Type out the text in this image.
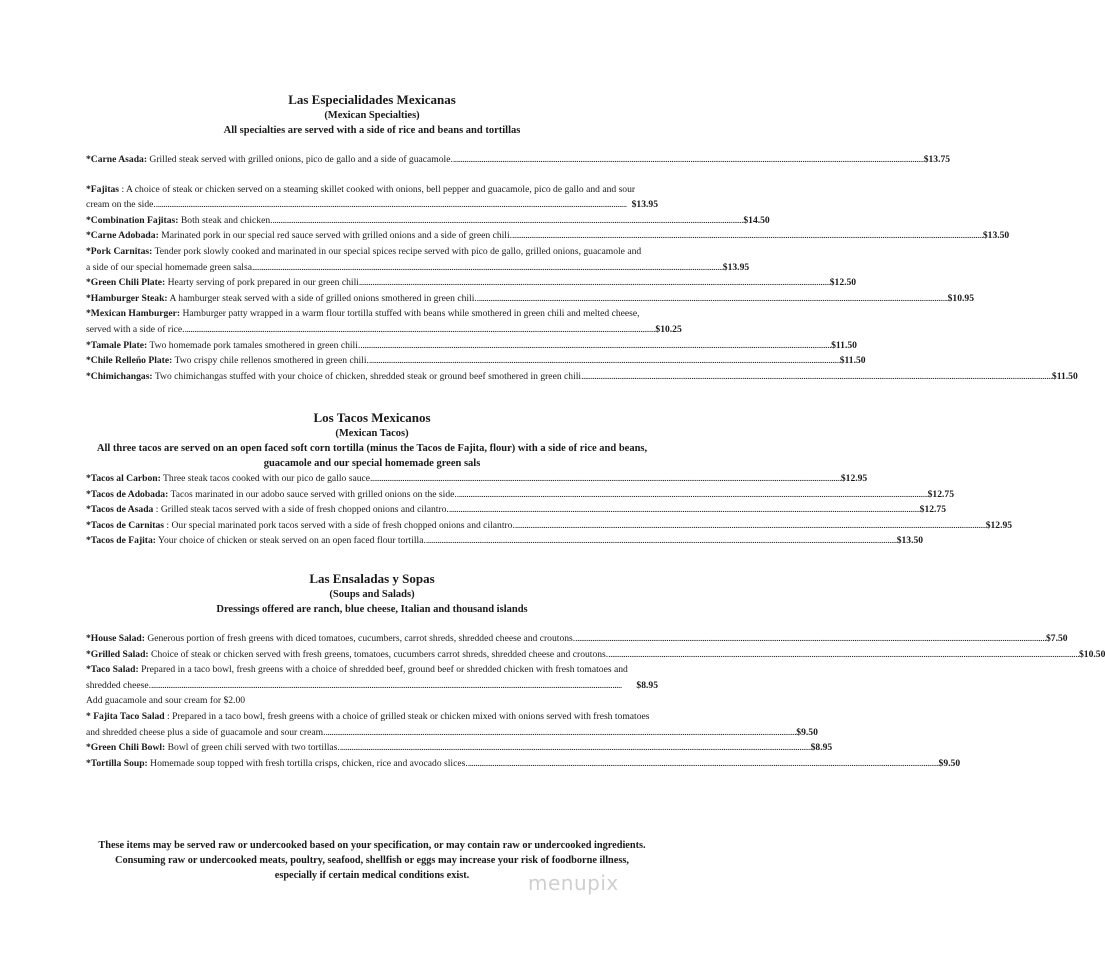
Las Especialidades Mexicanas
(Mexican Specialties)
All specialties are served with a side of rice and beans and tortillas
*Carne Asada: Grilled steak served with grilled onions, pico de gallo and a side of guacamole. .....	$13.75
*Fajitas : A choice of steak or chicken served on a steaming skillet cooked with onions, bell pepper and guacamole, pico de gallo and and sour
cream on the side. .....	$13.95
*Combination Fajitas: Both steak and chicken. .....	$14.50
*Carne Adobada: Marinated pork in our special red sauce served with grilled onions and a side of green chili. .....	$13.50
*Pork Carnitas: Tender pork slowly cooked and marinated in our special spices recipe served with pico de gallo, grilled onions, guacamole and
a side of our special homemade green salsa .....	$13.95
*Green Chili Plate: Hearty serving of pork prepared in our green chili .....	$12.50
*Hamburger Steak: A hamburger steak served with a side of grilled onions smothered in green chili. .....	$10.95
*Mexican Hamburger: Hamburger patty wrapped in a warm flour tortilla stuffed with beans while smothered in green chili and melted cheese,
served with a side of rice. .....	$10.25
*Tamale Plate: Two homemade pork tamales smothered in green chili. .....	$11.50
*Chile Relleño Plate: Two crispy chile rellenos smothered in green chili. .....	$11.50
*Chimichangas: Two chimichangas stuffed with your choice of chicken, shredded steak or ground beef smothered in green chili .....	$11.50
Los Tacos Mexicanos
(Mexican Tacos)
All three tacos are served on an open faced soft corn tortilla (minus the Tacos de Fajita, flour) with a side of rice and beans,
guacamole and our special homemade green sals
*Tacos al Carbon: Three steak tacos cooked with our pico de gallo sauce .....	$12.95
*Tacos de Adobada: Tacos marinated in our adobo sauce served with grilled onions on the side. .....	$12.75
*Tacos de Asada : Grilled steak tacos served with a side of fresh chopped onions and cilantro. .....	$12.75
*Tacos de Carnitas : Our special marinated pork tacos served with a side of fresh chopped onions and cilantro. .....	$12.95
*Tacos de Fajita: Your choice of chicken or steak served on an open faced flour tortilla. .....	$13.50
Las Ensaladas y Sopas
(Soups and Salads)
Dressings offered are ranch, blue cheese, Italian and thousand islands
*House Salad: Generous portion of fresh greens with diced tomatoes, cucumbers, carrot shreds, shredded cheese and croutons. .....	$7.50
*Grilled Salad: Choice of steak or chicken served with fresh greens, tomatoes, cucumbers carrot shreds, shredded cheese and croutons. .....	$10.50
*Taco Salad: Prepared in a taco bowl, fresh greens with a choice of shredded beef, ground beef or shredded chicken with fresh tomatoes and
shredded cheese. .....	$8.95
Add guacamole and sour cream for $2.00
* Fajita Taco Salad : Prepared in a taco bowl, fresh greens with a choice of grilled steak or chicken mixed with onions served with fresh tomatoes
and shredded cheese plus a side of guacamole and sour cream. .....	$9.50
*Green Chili Bowl: Bowl of green chili served with two tortillas. .....	$8.95
*Tortilla Soup: Homemade soup topped with fresh tortilla crisps, chicken, rice and avocado slices. .....	$9.50
These items may be served raw or undercooked based on your specification, or may contain raw or undercooked ingredients.
Consuming raw or undercooked meats, poultry, seafood, shellfish or eggs may increase your risk of foodborne illness,
especially if certain medical conditions exist.	menupix
